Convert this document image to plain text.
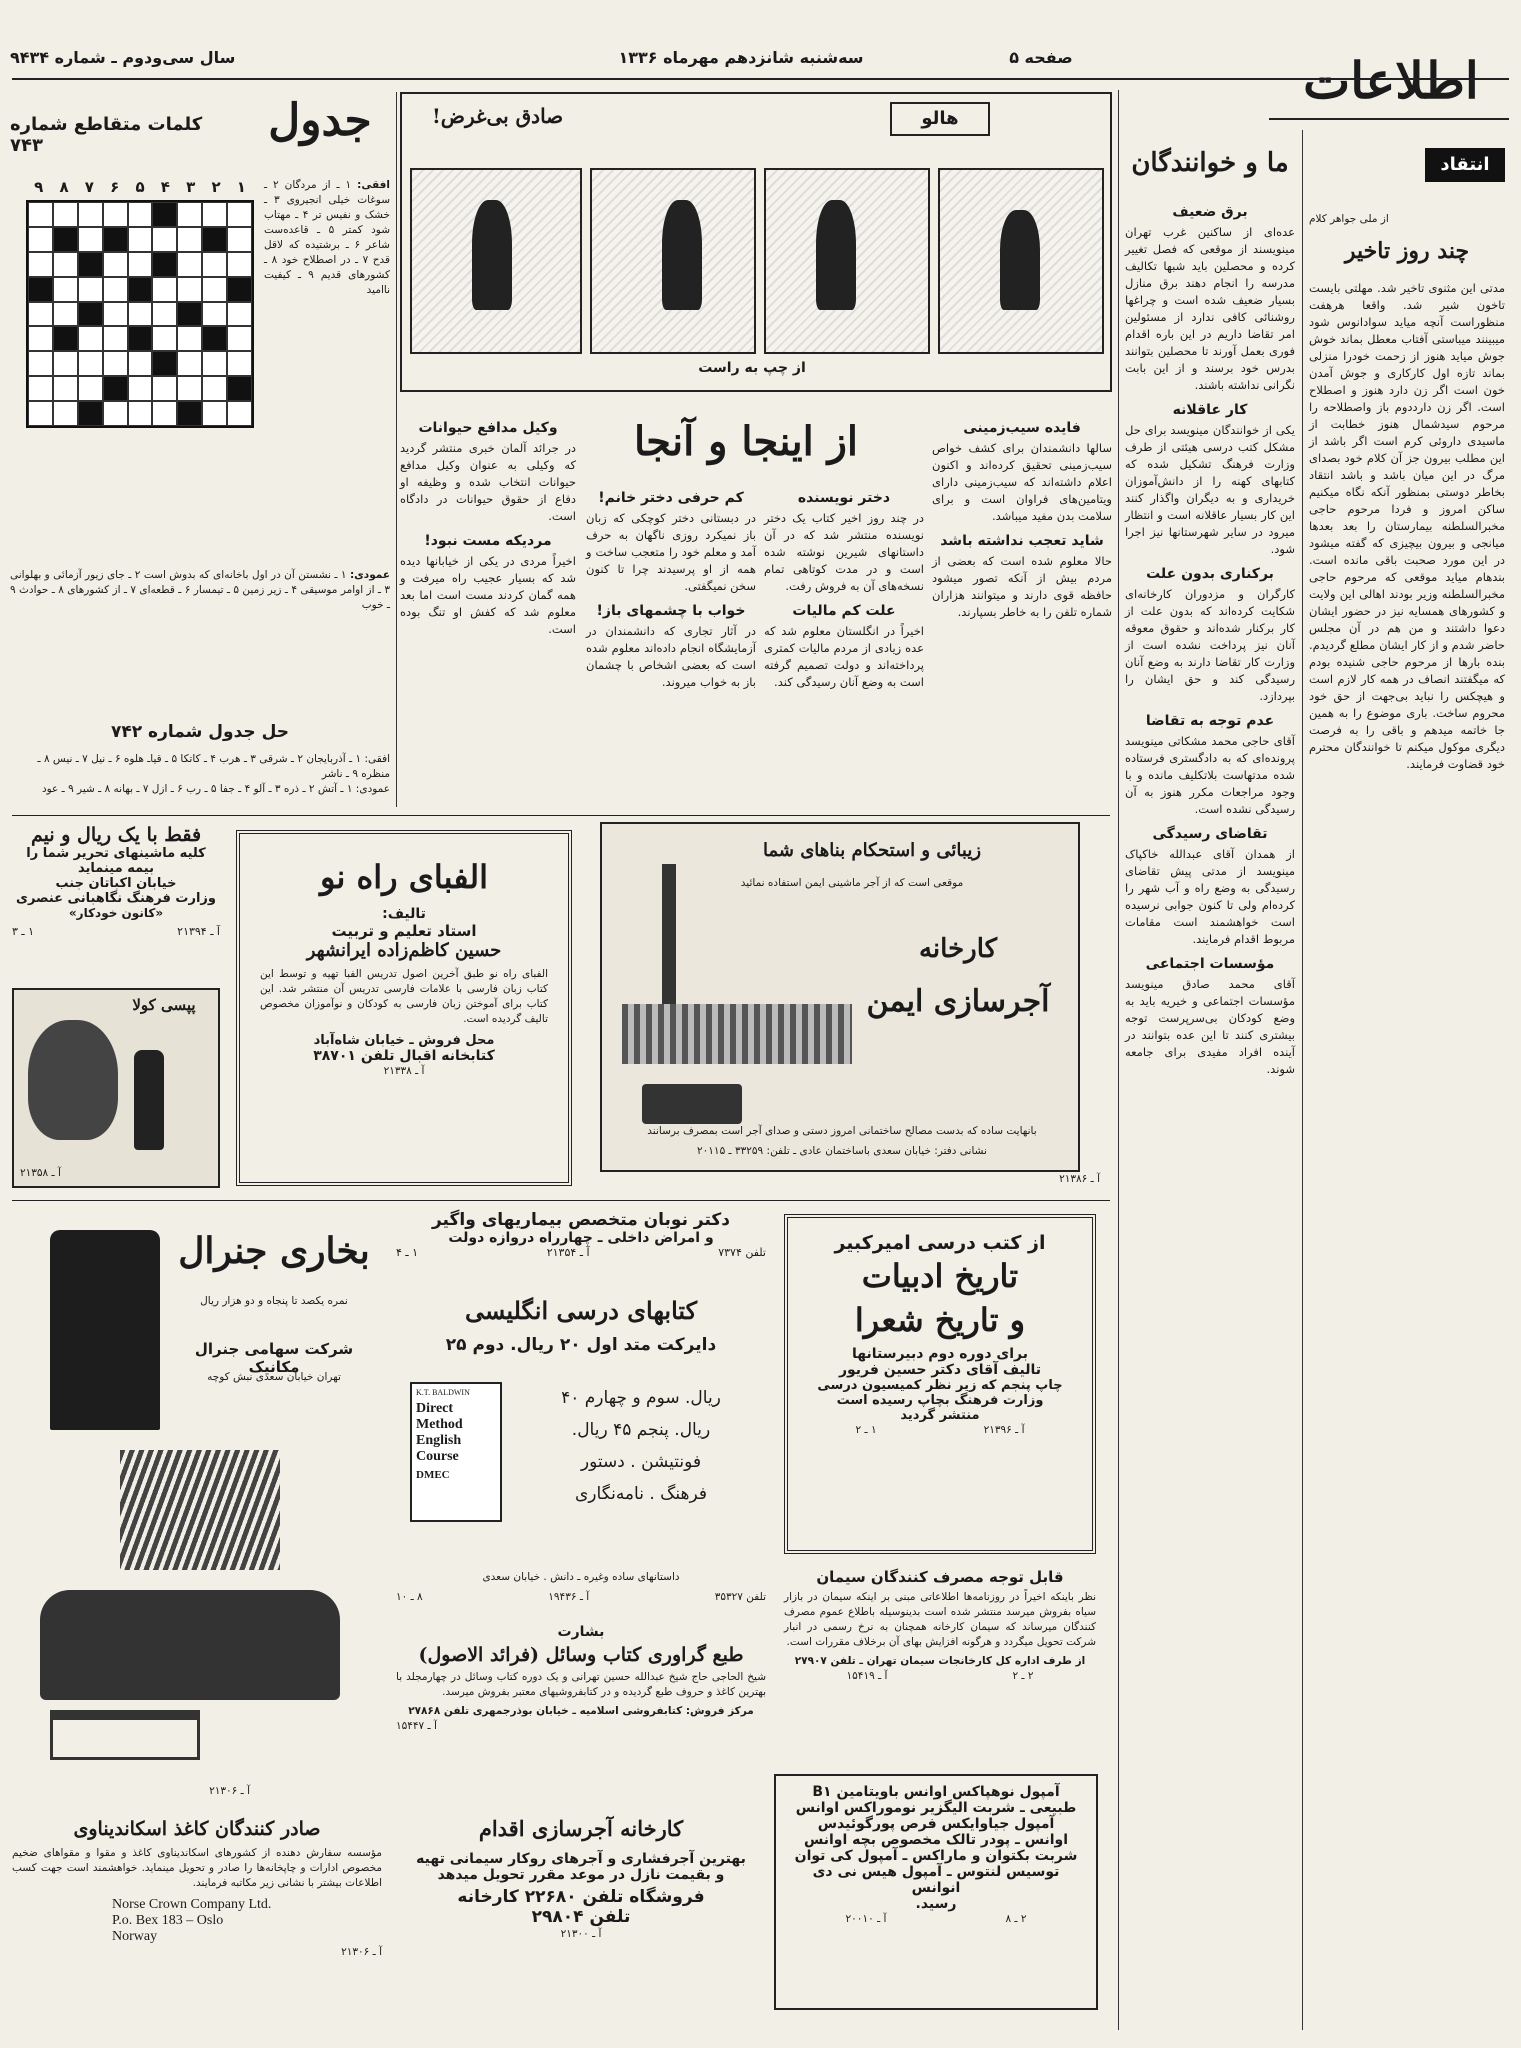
اطلاعات
صفحه ۵
سه‌شنبه شانزدهم مهرماه ۱۳۳۶
سال سی‌ودوم ـ شماره ۹۴۳۴
انتقاد
از ملی جواهر کلام
چند روز تاخیر
مدتی این مثنوی تاخیر شد. مهلتی بایست تاخون شیر شد. واقعا هرهفت منظوراست آنچه میاید سوادانوس شود میبینند میباستی آفتاب معطل بماند خوش جوش میاید هنوز از زحمت خودرا منزلی بماند تازه اول کارکاری و جوش آمدن خون است اگر زن دارد هنوز و اصطلاح است. اگر زن دارددوم باز واصطلاحه را مرحوم سیدشمال هنوز خطابت از ماسیدی داروئی کرم است اگر باشد از این مطلب بیرون جز آن کلام خود بصدای مرگ در این میان باشد و باشد انتقاد بخاطر دوستی بمنظور آنکه نگاه میکنیم ساکن امروز و فردا مرحوم حاجی مخبرالسلطنه بیمارستان را بعد بعدها میانجی و بیرون بیچیزی که گفته میشود در این مورد صحبت باقی مانده است. بندهام میاید موقعی که مرحوم حاجی مخبرالسلطنه وزیر بودند اهالی این ولایت و کشورهای همسایه نیز در حضور ایشان دعوا داشتند و من هم در آن مجلس حاضر شدم و از کار ایشان مطلع گردیدم. بنده بارها از مرحوم حاجی شنیده بودم که میگفتند انصاف در همه کار لازم است و هیچکس را نباید بی‌جهت از حق خود محروم ساخت. باری موضوع را به همین جا خاتمه میدهم و باقی را به فرصت دیگری موکول میکنم تا خوانندگان محترم خود قضاوت فرمایند.
ما و خوانندگان
برق ضعیف
عده‌ای از ساکنین غرب تهران مینویسند از موقعی که فصل تغییر کرده و محصلین باید شبها تکالیف مدرسه را انجام دهند برق منازل بسیار ضعیف شده است و چراغها روشنائی کافی ندارد از مسئولین امر تقاضا داریم در این باره اقدام فوری بعمل آورند تا محصلین بتوانند بدرس خود برسند و از این بابت نگرانی نداشته باشند.
کار عاقلانه
یکی از خوانندگان مینویسد برای حل مشکل کتب درسی هیئتی از طرف وزارت فرهنگ تشکیل شده که کتابهای کهنه را از دانش‌آموزان خریداری و به دیگران واگذار کنند این کار بسیار عاقلانه است و انتظار میرود در سایر شهرستانها نیز اجرا شود.
برکناری بدون علت
کارگران و مزدوران کارخانه‌ای شکایت کرده‌اند که بدون علت از کار برکنار شده‌اند و حقوق معوقه آنان نیز پرداخت نشده است از وزارت کار تقاضا دارند به وضع آنان رسیدگی کند و حق ایشان را بپردازد.
عدم توجه به تقاضا
آقای حاجی محمد مشکاتی مینویسد پرونده‌ای که به دادگستری فرستاده شده مدتهاست بلاتکلیف مانده و با وجود مراجعات مکرر هنوز به آن رسیدگی نشده است.
تقاضای رسیدگی
از همدان آقای عبدالله خاکپاک مینویسد از مدتی پیش تقاضای رسیدگی به وضع راه و آب شهر را کرده‌ام ولی تا کنون جوابی نرسیده است خواهشمند است مقامات مربوط اقدام فرمایند.
مؤسسات اجتماعی
آقای محمد صادق مینویسد مؤسسات اجتماعی و خیریه باید به وضع کودکان بی‌سرپرست توجه بیشتری کنند تا این عده بتوانند در آینده افراد مفیدی برای جامعه شوند.
هالو
صادق بی‌غرض!
از چپ به راست
جدول
کلمات متقاطع شماره ۷۴۳
۹ ۸ ۷ ۶ ۵ ۴ ۳ ۲ ۱	افقی: ۱ ـ از مردگان ۲ ـ سوغات خیلی انجیروی ۳ ـ خشک و نفیس تر ۴ ـ مهتاب شود کمتر ۵ ـ قاعده‌ست شاعر ۶ ـ برشتیده که لاقل قدح ۷ ـ در اصطلاح خود ۸ ـ کشورهای قدیم ۹ ـ کیفیت ناامید
عمودی: ۱ ـ نشستن آن در اول باخانه‌ای که بدوش است ۲ ـ جای زیور آزمائی و بهلوانی ۳ ـ از اوامر موسیقی ۴ ـ زیر زمین ۵ ـ تیمسار ۶ ـ قطعه‌ای ۷ ـ از کشورهای ۸ ـ حوادث ۹ ـ خوب
حل جدول شماره ۷۴۲
افقی: ۱ ـ آذربایجان ۲ ـ شرقی ۳ ـ هرب ۴ ـ کاتکا ۵ ـ قیاـ هلوه ۶ ـ نیل ۷ ـ نیس ۸ ـ منظره ۹ ـ ناشر
عمودی: ۱ ـ آتش ۲ ـ ذره ۳ ـ آلو ۴ ـ جفا ۵ ـ رب ۶ ـ ازل ۷ ـ بهانه ۸ ـ شیر ۹ ـ عود
وکیل مدافع حیوانات
در جرائد آلمان خبری منتشر گردید که وکیلی به عنوان وکیل مدافع حیوانات انتخاب شده و وظیفه او دفاع از حقوق حیوانات در دادگاه است.
مردیکه مست نبود!
اخیراً مردی در یکی از خیابانها دیده شد که بسیار عجیب راه میرفت و همه گمان کردند مست است اما بعد معلوم شد که کفش او تنگ بوده است.
از اینجا و آنجا
کم حرفی دختر خانم!
در دبستانی دختر کوچکی که زبان باز نمیکرد روزی ناگهان به حرف آمد و معلم خود را متعجب ساخت و همه از او پرسیدند چرا تا کنون سخن نمیگفتی.
خواب با چشمهای باز!
در آثار تجاری که دانشمندان در آزمایشگاه انجام داده‌اند معلوم شده است که بعضی اشخاص با چشمان باز به خواب میروند.
دختر نویسنده
در چند روز اخیر کتاب یک دختر نویسنده منتشر شد که در آن داستانهای شیرین نوشته شده است و در مدت کوتاهی تمام نسخه‌های آن به فروش رفت.
علت کم مالیات
اخیراً در انگلستان معلوم شد که عده زیادی از مردم مالیات کمتری پرداخته‌اند و دولت تصمیم گرفته است به وضع آنان رسیدگی کند.
فایده سیب‌زمینی
سالها دانشمندان برای کشف خواص سیب‌زمینی تحقیق کرده‌اند و اکنون اعلام داشته‌اند که سیب‌زمینی دارای ویتامین‌های فراوان است و برای سلامت بدن مفید میباشد.
شاید تعجب نداشته باشد
حالا معلوم شده است که بعضی از مردم بیش از آنکه تصور میشود حافظه قوی دارند و میتوانند هزاران شماره تلفن را به خاطر بسپارند.
فقط با یک ریال و نیم
کلیه ماشینهای تحریر شما را
بیمه مینماید
خیابان اکباتان جنب
وزارت فرهنگ نگاهبانی عنصری
«کانون خودکار»
آ ـ ۲۱۳۹۴
۱ ـ ۳
پپسی کولا
آ ـ ۲۱۳۵۸
الفبای راه نو
تالیف:
استاد تعلیم و تربیت
حسین کاظم‌زاده ایرانشهر
الفبای راه نو طبق آخرین اصول تدریس الفبا تهیه و توسط این کتاب زبان فارسی با علامات فارسی تدریس آن منتشر شد. این کتاب برای آموختن زبان فارسی به کودکان و نوآموزان مخصوص تالیف گردیده است.
محل فروش ـ خیابان شاه‌آباد
کتابخانه اقبال تلفن ۳۸۷۰۱
آ ـ ۲۱۳۳۸
زیبائی و استحکام بناهای شما
موقعی است که از آجر ماشینی ایمن استفاده نمائید
کارخانه
آجرسازی ایمن
بانهایت ساده که بدست مصالح ساختمانی امروز دستی و صدای آجر است بمصرف برسانند
نشانی دفتر: خیابان سعدی باساختمان عادی ـ تلفن: ۳۳۲۵۹ ـ ۲۰۱۱۵
آ ـ ۲۱۳۸۶
بخاری جنرال
نمره یکصد تا پنجاه و دو هزار ریال
شرکت سهامی جنرال مکانیک
تهران خیابان سعدی نبش کوچه
آ ـ ۲۱۳۰۶
دکتر نوبان متخصص بیماریهای واگیر
و امراض داخلی ـ چهارراه دروازه دولت
تلفن ۷۳۷۴
آ ـ ۲۱۳۵۴
۱ ـ ۴
کتابهای درسی انگلیسی
دایرکت متد اول ۲۰ ریال. دوم ۲۵
K.T. BALDWIN
Direct Method English Course
DMEC
ریال. سوم و چهارم ۴۰
ریال. پنجم ۴۵ ریال.
فونتیشن . دستور
فرهنگ . نامه‌نگاری
داستانهای ساده وغیره ـ دانش . خیابان سعدی
تلفن ۳۵۳۲۷
آ ـ ۱۹۴۳۶
۸ ـ ۱۰
از کتب درسی امیرکبیر
تاریخ ادبیات
و تاریخ شعرا
برای دوره دوم دبیرستانها
تالیف آقای دکتر حسین فریور
چاپ پنجم که زیر نظر کمیسیون درسی
وزارت فرهنگ بچاپ رسیده است
منتشر گردید
آ ـ ۲۱۳۹۶
۱ ـ ۲
قابل توجه مصرف کنندگان سیمان
نظر باینکه اخیراً در روزنامه‌ها اطلاعاتی مبنی بر اینکه سیمان در بازار سیاه بفروش میرسد منتشر شده است بدینوسیله باطلاع عموم مصرف کنندگان میرساند که سیمان کارخانه همچنان به نرخ رسمی در انبار شرکت تحویل میگردد و هرگونه افزایش بهای آن برخلاف مقررات است.
از طرف اداره کل کارخانجات سیمان تهران ـ تلفن ۲۷۹۰۷
۲ ـ ۲
آ ـ ۱۵۴۱۹
بشارت
طبع گراوری کتاب وسائل (فرائد الاصول)
شیخ الحاجی حاج شیخ عبدالله حسین تهرانی و یک دوره کتاب وسائل در چهارمجلد با بهترین کاغذ و حروف طبع گردیده و در کتابفروشیهای معتبر بفروش میرسد.
مرکز فروش: کتابفروشی اسلامیه ـ خیابان بوذرجمهری تلفن ۲۷۸۶۸
آ ـ ۱۵۴۴۷
کارخانه آجرسازی اقدام
بهترین آجرفشاری و آجرهای روکار سیمانی تهیه
و بقیمت نازل در موعد مقرر تحویل میدهد
فروشگاه تلفن ۲۲۶۸۰ کارخانه
تلفن ۲۹۸۰۴
آ ـ ۲۱۳۰۰
آمپول نوهپاکس اوانس باویتامین B۱
طبیعی ـ شربت الیگزیر نوموراکس اوانس
آمپول جیاوایکس فرص پورگوئیدس
اوانس ـ پودر تالک مخصوص بچه اوانس
شربت بکتوان و ماراکس ـ آمپول کی توان
توسیس لنتوس ـ آمپول هیس نی دی انوانس
رسید.
۲ ـ ۸
آ ـ ۲۰۰۱۰
صادر کنندگان کاغذ اسکاندیناوی
مؤسسه سفارش دهنده از کشورهای اسکاندیناوی کاغذ و مقوا و مقواهای ضخیم مخصوص ادارات و چاپخانه‌ها را صادر و تحویل مینماید. خواهشمند است جهت کسب اطلاعات بیشتر با نشانی زیر مکاتبه فرمایند.
Norse Crown Company Ltd.
P.o. Bex 183 – Oslo
Norway
آ ـ ۲۱۳۰۶
